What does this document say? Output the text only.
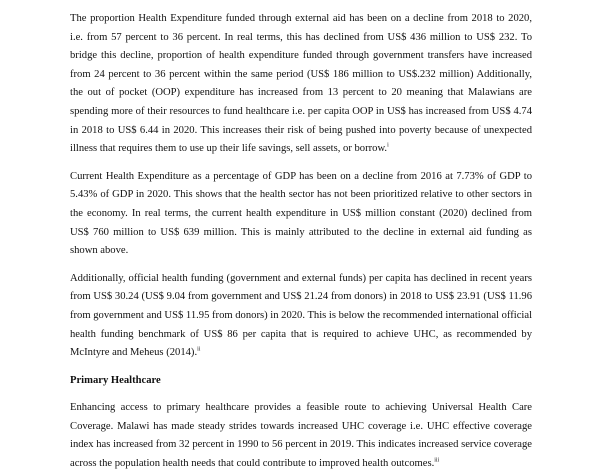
The proportion Health Expenditure funded through external aid has been on a decline from 2018 to 2020, i.e. from 57 percent to 36 percent. In real terms, this has declined from US$ 436 million to US$ 232. To bridge this decline, proportion of health expenditure funded through government transfers have increased from 24 percent to 36 percent within the same period (US$ 186 million to US$.232 million) Additionally, the out of pocket (OOP) expenditure has increased from 13 percent to 20 meaning that Malawians are spending more of their resources to fund healthcare i.e. per capita OOP in US$ has increased from US$ 4.74 in 2018 to US$ 6.44 in 2020. This increases their risk of being pushed into poverty because of unexpected illness that requires them to use up their life savings, sell assets, or borrow.$^i$

Current Health Expenditure as a percentage of GDP has been on a decline from 2016 at 7.73% of GDP to 5.43% of GDP in 2020. This shows that the health sector has not been prioritized relative to other sectors in the economy. In real terms, the current health expenditure in US$ million constant (2020) declined from US$ 760 million to US$ 639 million. This is mainly attributed to the decline in external aid funding as shown above.

Additionally, official health funding (government and external funds) per capita has declined in recent years from US$ 30.24 (US$ 9.04 from government and US$ 21.24 from donors) in 2018 to US$ 23.91 (US$ 11.96 from government and US$ 11.95 from donors) in 2020. This is below the recommended international official health funding benchmark of US$ 86 per capita that is required to achieve UHC, as recommended by McIntyre and Meheus (2014).$^{ii}$

Primary Healthcare

Enhancing access to primary healthcare provides a feasible route to achieving Universal Health Care Coverage. Malawi has made steady strides towards increased UHC coverage i.e. UHC effective coverage index has increased from 32 percent in 1990 to 56 percent in 2019. This indicates increased service coverage across the population health needs that could contribute to improved health outcomes.$^{iii}$
